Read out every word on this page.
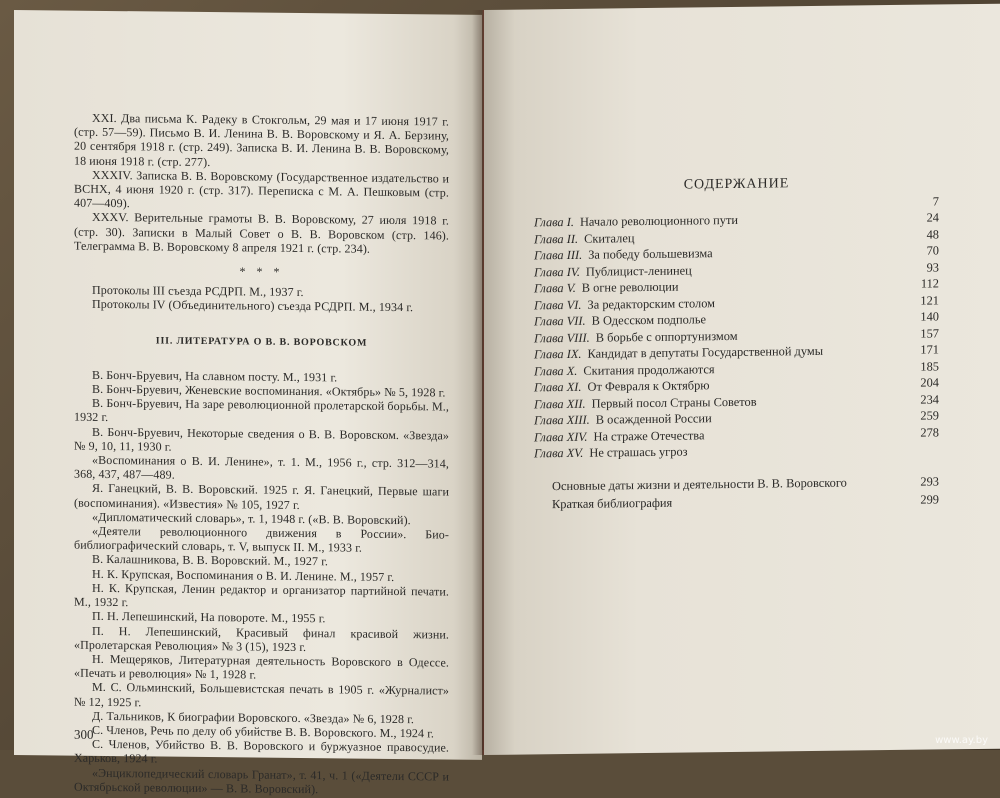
XXI. Два письма К. Радеку в Стокгольм, 29 мая и 17 июня 1917 г. (стр. 57—59). Письмо В. И. Ленина В. В. Воровскому и Я. А. Берзину, 20 сентября 1918 г. (стр. 249). Записка В. И. Ленина В. В. Воровскому, 18 июня 1918 г. (стр. 277).

XXXIV. Записка В. В. Воровскому (Государственное издательство и ВСНХ, 4 июня 1920 г. (стр. 317). Переписка с М. А. Пешковым (стр. 407—409).

XXXV. Верительные грамоты В. В. Воровскому, 27 июля 1918 г. (стр. 30). Записки в Малый Совет о В. В. Воровском (стр. 146). Телеграмма В. В. Воровскому 8 апреля 1921 г. (стр. 234).

* * *

Протоколы III съезда РСДРП. М., 1937 г.

Протоколы IV (Объединительного) съезда РСДРП. М., 1934 г.

III. ЛИТЕРАТУРА О В. В. ВОРОВСКОМ

В. Бонч-Бруевич, На славном посту. М., 1931 г.

В. Бонч-Бруевич, Женевские воспоминания. «Октябрь» № 5, 1928 г.

В. Бонч-Бруевич, На заре революционной пролетарской борьбы. М., 1932 г.

В. Бонч-Бруевич, Некоторые сведения о В. В. Воровском. «Звезда» № 9, 10, 11, 1930 г.

«Воспоминания о В. И. Ленине», т. 1. М., 1956 г., стр. 312—314, 368, 437, 487—489.

Я. Ганецкий, В. В. Воровский. 1925 г. Я. Ганецкий, Первые шаги (воспоминания). «Известия» № 105, 1927 г.

«Дипломатический словарь», т. 1, 1948 г. («В. В. Воровский).

«Деятели революционного движения в России». Био-библиографический словарь, т. V, выпуск II. М., 1933 г.

В. Калашникова, В. В. Воровский. М., 1927 г.

Н. К. Крупская, Воспоминания о В. И. Ленине. М., 1957 г.

Н. К. Крупская, Ленин редактор и организатор партийной печати. М., 1932 г.

П. Н. Лепешинский, На повороте. М., 1955 г.

П. Н. Лепешинский, Красивый финал красивой жизни. «Пролетарская Революция» № 3 (15), 1923 г.

Н. Мещеряков, Литературная деятельность Воровского в Одессе. «Печать и революция» № 1, 1928 г.

М. С. Ольминский, Большевистская печать в 1905 г. «Журналист» № 12, 1925 г.

Д. Тальников, К биографии Воровского. «Звезда» № 6, 1928 г.

С. Членов, Речь по делу об убийстве В. В. Воровского. М., 1924 г.

С. Членов, Убийство В. В. Воровского и буржуазное правосудие. Харьков, 1924 г.

«Энциклопедический словарь Гранат», т. 41, ч. 1 («Деятели СССР и Октябрьской революции» — В. В. Воровский).

300
СОДЕРЖАНИЕ
7
Глава I. Начало революционного пути	24
Глава II. Скиталец	48
Глава III. За победу большевизма	70
Глава IV. Публицист-ленинец	93
Глава V. В огне революции	112
Глава VI. За редакторским столом	121
Глава VII. В Одесском подполье	140
Глава VIII. В борьбе с оппортунизмом	157
Глава IX. Кандидат в депутаты Государственной думы	171
Глава X. Скитания продолжаются	185
Глава XI. От Февраля к Октябрю	204
Глава XII. Первый посол Страны Советов	234
Глава XIII. В осажденной России	259
Глава XIV. На страже Отечества	278
Глава XV. Не страшась угроз
Основные даты жизни и деятельности В. В. Воровского	293
Краткая библиография	299
www.ay.by
